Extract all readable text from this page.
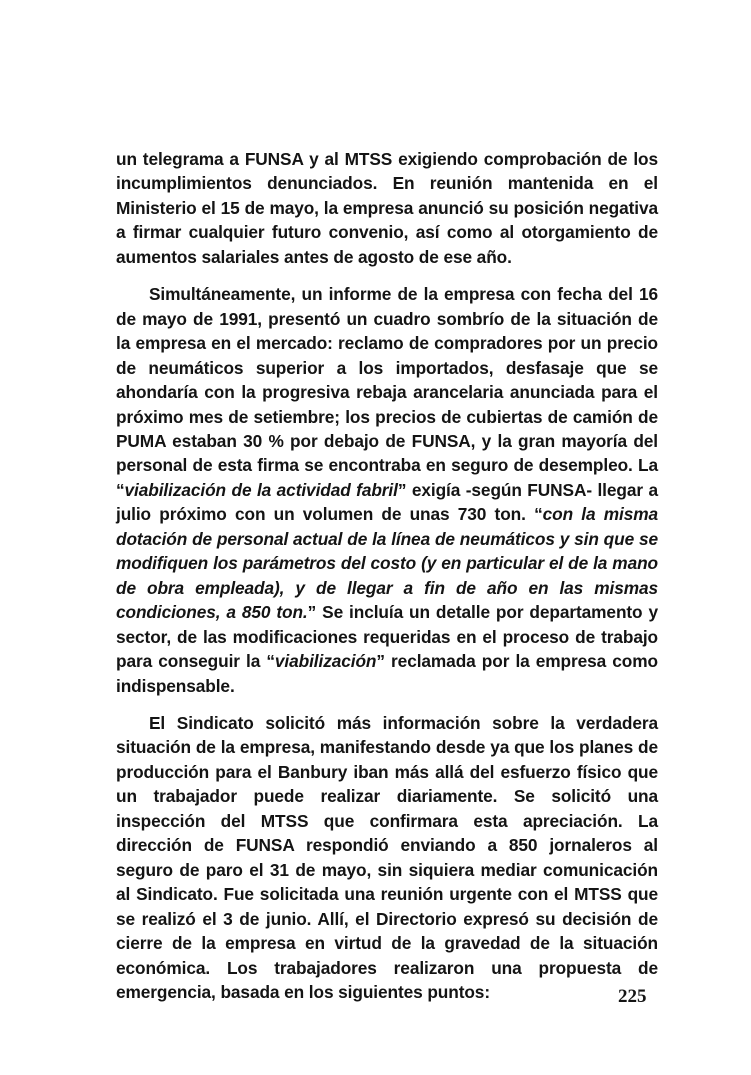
un telegrama a FUNSA y al MTSS exigiendo comprobación de los incumplimientos denunciados. En reunión mantenida en el Ministerio el 15 de mayo, la empresa anunció su posición negativa a firmar cualquier futuro convenio, así como al otorgamiento de aumentos salariales antes de agosto de ese año.

Simultáneamente, un informe de la empresa con fecha del 16 de mayo de 1991, presentó un cuadro sombrío de la situación de la empresa en el mercado: reclamo de compradores por un precio de neumáticos superior a los importados, desfasaje que se ahondaría con la progresiva rebaja arancelaria anunciada para el próximo mes de setiembre; los precios de cubiertas de camión de PUMA estaban 30 % por debajo de FUNSA, y la gran mayoría del personal de esta firma se encontraba en seguro de desempleo. La “viabilización de la actividad fabril” exigía -según FUNSA- llegar a julio próximo con un volumen de unas 730 ton. “con la misma dotación de personal actual de la línea de neumáticos y sin que se modifiquen los parámetros del costo (y en particular el de la mano de obra empleada), y de llegar a fin de año en las mismas condiciones, a 850 ton.” Se incluía un detalle por departamento y sector, de las modificaciones requeridas en el proceso de trabajo para conseguir la “viabilización” reclamada por la empresa como indispensable.

El Sindicato solicitó más información sobre la verdadera situación de la empresa, manifestando desde ya que los planes de producción para el Banbury iban más allá del esfuerzo físico que un trabajador puede realizar diariamente. Se solicitó una inspección del MTSS que confirmara esta apreciación. La dirección de FUNSA respondió enviando a 850 jornaleros al seguro de paro el 31 de mayo, sin siquiera mediar comunicación al Sindicato. Fue solicitada una reunión urgente con el MTSS que se realizó el 3 de junio. Allí, el Directorio expresó su decisión de cierre de la empresa en virtud de la gravedad de la situación económica. Los trabajadores realizaron una propuesta de emergencia, basada en los siguientes puntos:	225
